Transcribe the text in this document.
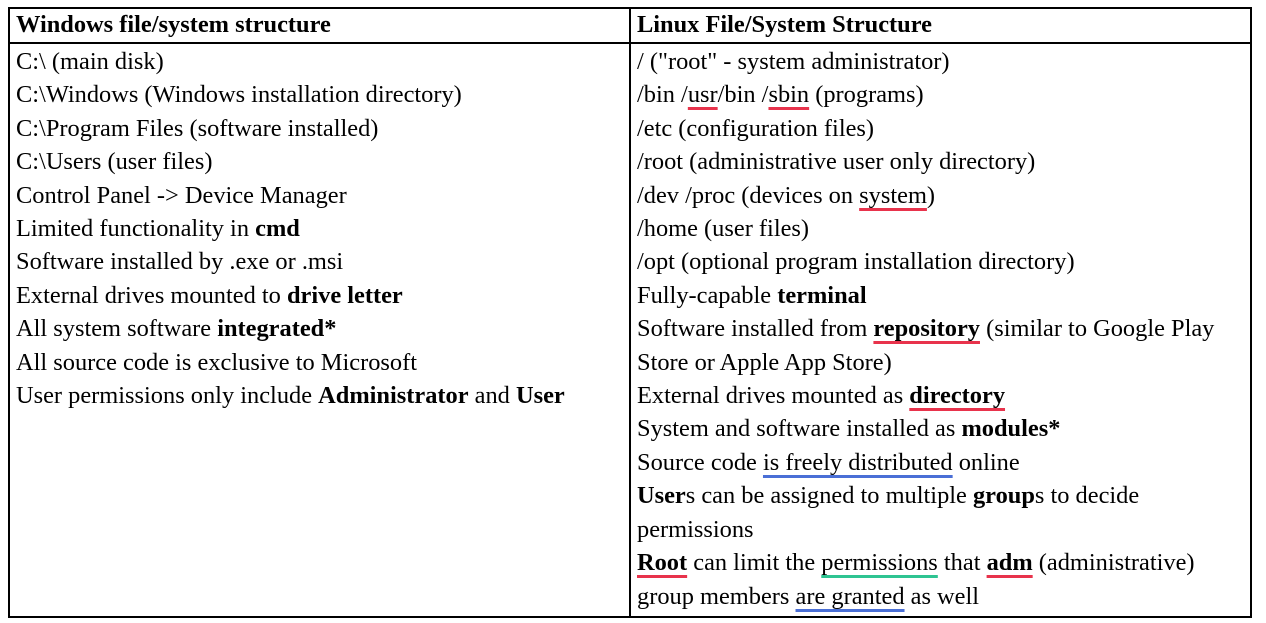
Windows file/system structure	Linux File/System Structure

C:\ (main disk)
C:\Windows (Windows installation directory)
C:\Program Files (software installed)
C:\Users (user files)
Control Panel -> Device Manager
Limited functionality in cmd
Software installed by .exe or .msi
External drives mounted to drive letter
All system software integrated*
All source code is exclusive to Microsoft
User permissions only include Administrator and User

/ ("root" - system administrator)
/bin /usr/bin /sbin (programs)
/etc (configuration files)
/root (administrative user only directory)
/dev /proc (devices on system)
/home (user files)
/opt (optional program installation directory)
Fully-capable terminal
Software installed from repository (similar to Google Play Store or Apple App Store)
External drives mounted as directory
System and software installed as modules*
Source code is freely distributed online
Users can be assigned to multiple groups to decide permissions
Root can limit the permissions that adm (administrative) group members are granted as well
